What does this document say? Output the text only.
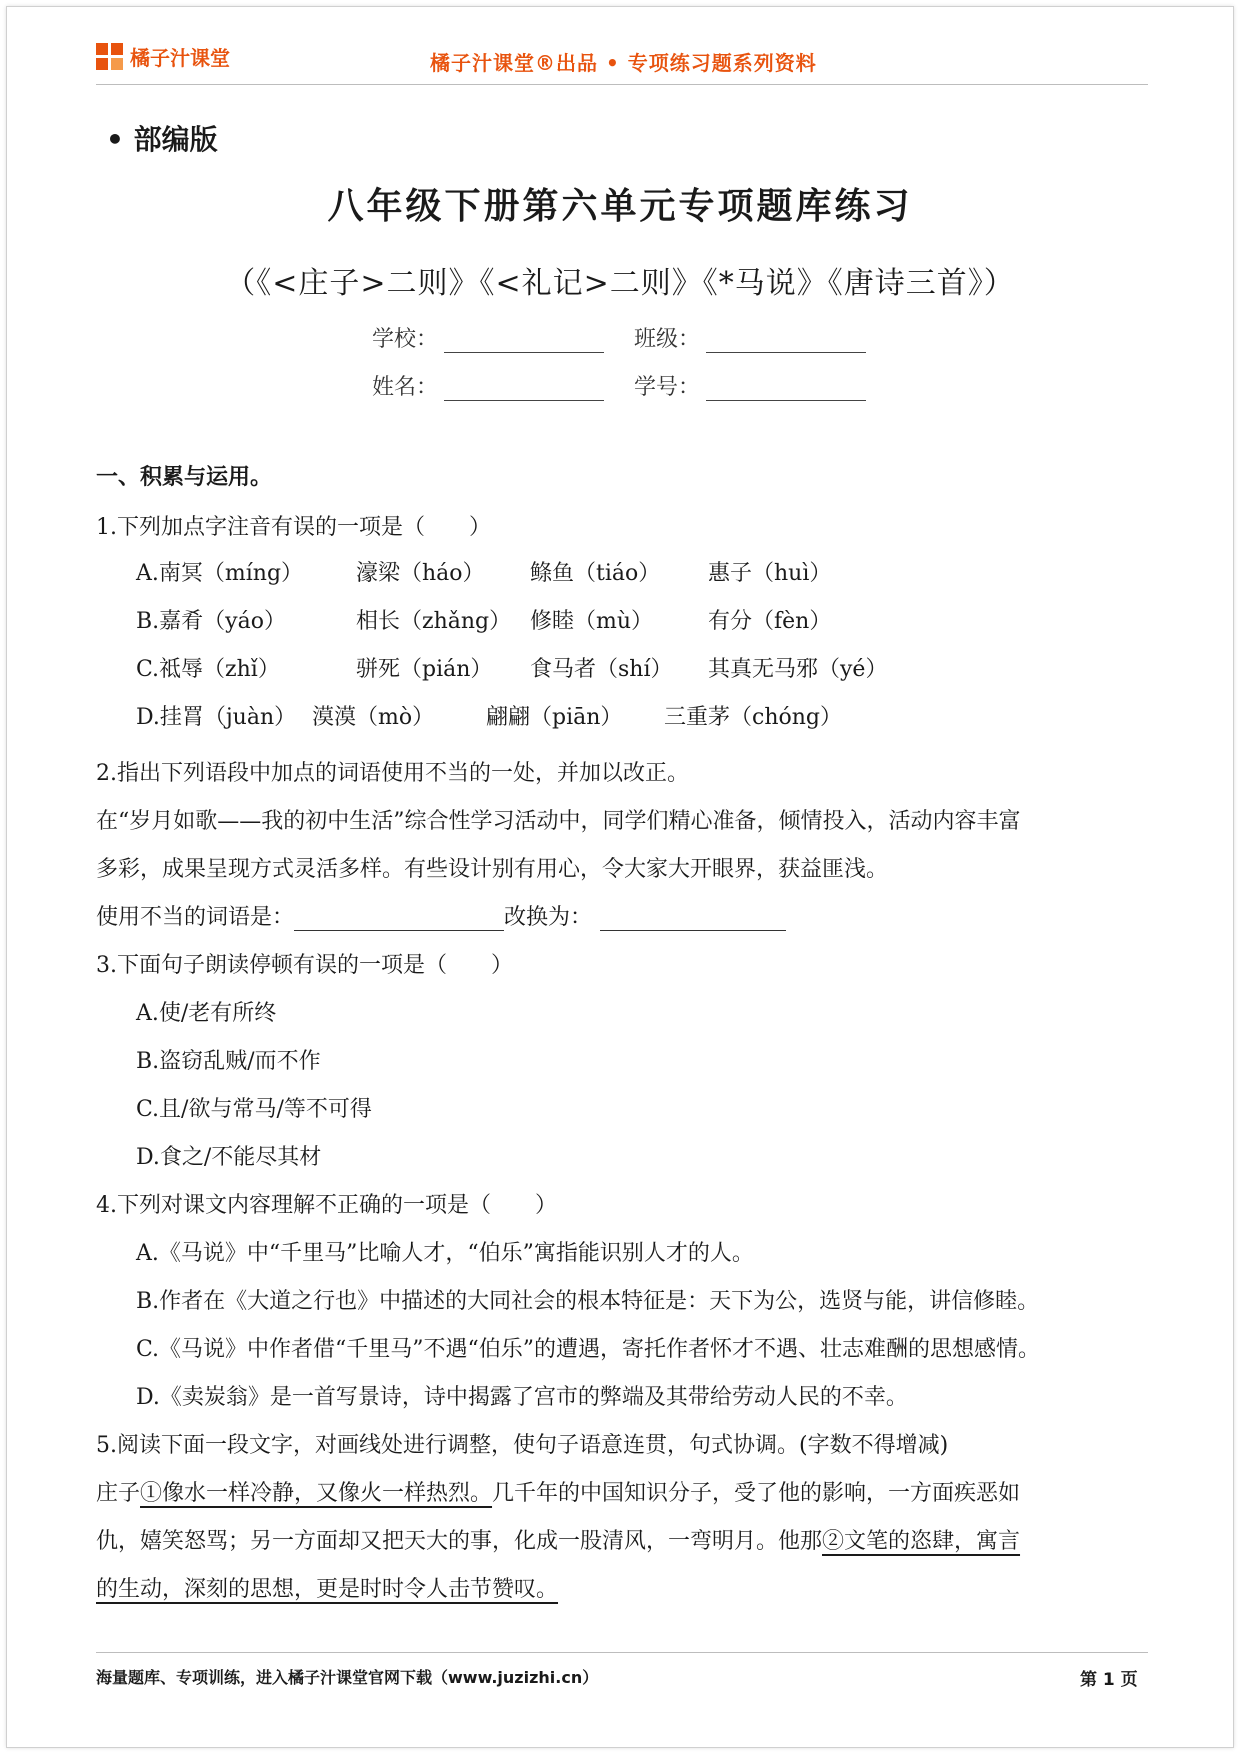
橘子汁课堂	橘子汁课堂®出品 • 专项练习题系列资料
• 部编版
八年级下册第六单元专项题库练习
（《<庄子>二则》《<礼记>二则》《*马说》《唐诗三首》）
学校：	班级：
姓名：	学号：
一、积累与运用。
1.下列加点字注音有误的一项是（　　）
A.南冥（míng） 濠梁（háo） 鲦鱼（tiáo） 惠子（huì）
B.嘉肴（yáo）	相长（zhǎng） 修睦（mù） 有分（fèn）
C.祗辱（zhǐ）	骈死（pián） 食马者（shí） 其真无马邪（yé）
D.挂罥（juàn） 漠漠（mò） 翩翩（piān） 三重茅（chóng）
2.指出下列语段中加点的词语使用不当的一处，并加以改正。
在“岁月如歌——我的初中生活”综合性学习活动中，同学们精心准备，倾情投入，活动内容丰富
多彩，成果呈现方式灵活多样。有些设计别有用心，令大家大开眼界，获益匪浅。
使用不当的词语是：	改换为：
3.下面句子朗读停顿有误的一项是（　　）
A.使/老有所终
B.盗窃乱贼/而不作
C.且/欲与常马/等不可得
D.食之/不能尽其材
4.下列对课文内容理解不正确的一项是（　　）
A.《马说》中“千里马”比喻人才，“伯乐”寓指能识别人才的人。
B.作者在《大道之行也》中描述的大同社会的根本特征是：天下为公，选贤与能，讲信修睦。
C.《马说》中作者借“千里马”不遇“伯乐”的遭遇，寄托作者怀才不遇、壮志难酬的思想感情。
D.《卖炭翁》是一首写景诗，诗中揭露了宫市的弊端及其带给劳动人民的不幸。
5.阅读下面一段文字，对画线处进行调整，使句子语意连贯，句式协调。(字数不得增减)
庄子①像水一样冷静，又像火一样热烈。几千年的中国知识分子，受了他的影响，一方面疾恶如
仇，嬉笑怒骂；另一方面却又把天大的事，化成一股清风，一弯明月。他那②文笔的恣肆，寓言
的生动，深刻的思想，更是时时令人击节赞叹。
海量题库、专项训练，进入橘子汁课堂官网下载（www.juzizhi.cn）	第 1 页
